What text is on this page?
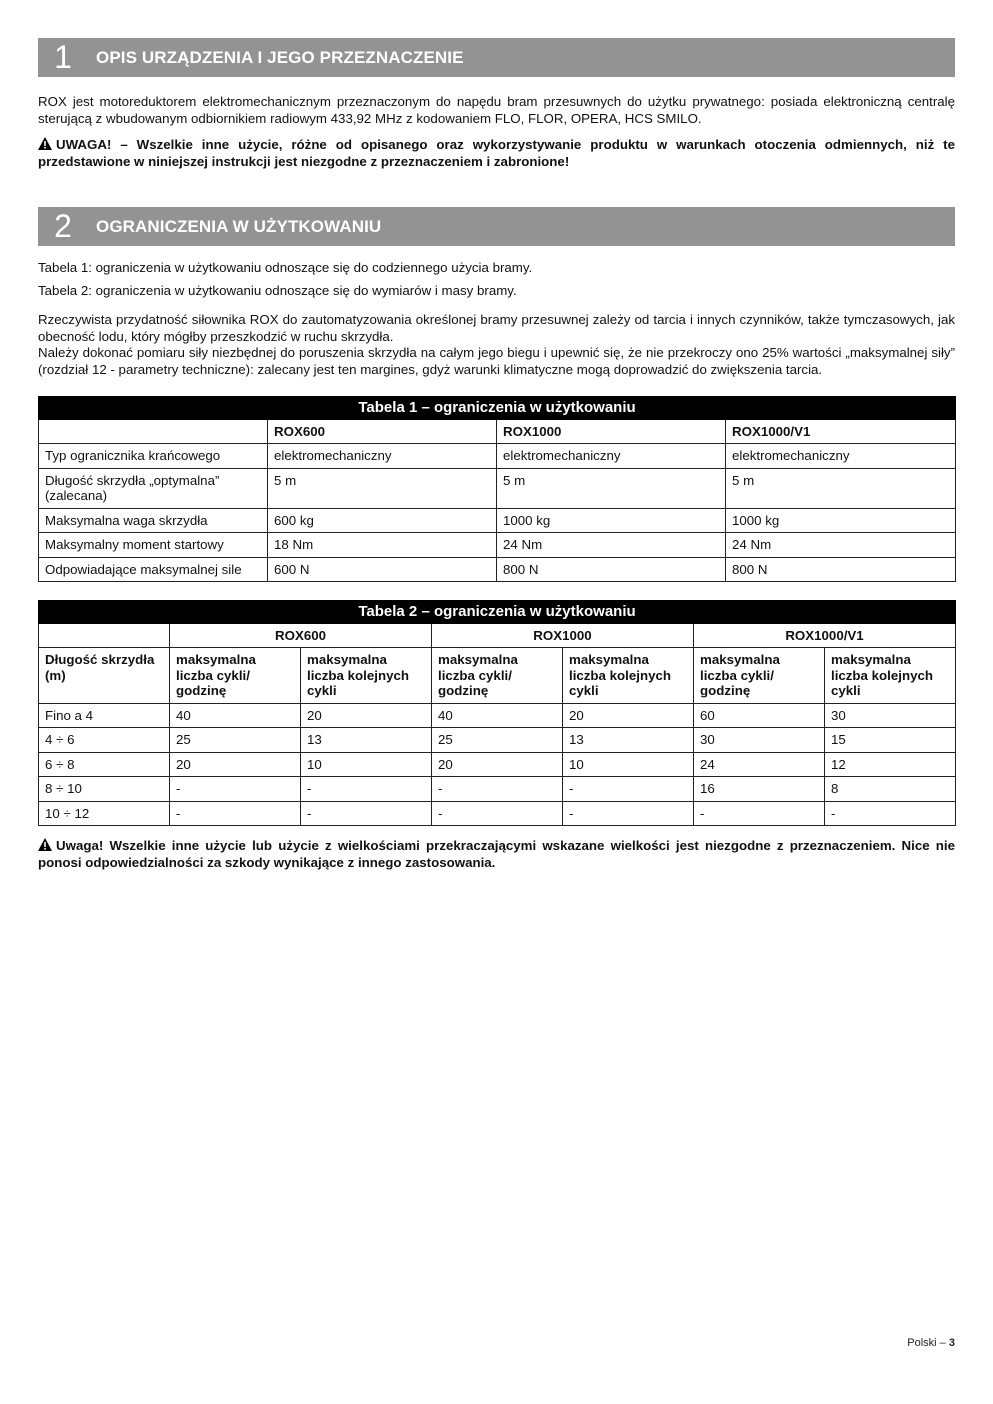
1	OPIS URZĄDZENIA I JEGO PRZEZNACZENIE

ROX jest motoreduktorem elektromechanicznym przeznaczonym do napędu bram przesuwnych do użytku prywatnego: posiada elektroniczną centralę sterującą z wbudowanym odbiornikiem radiowym 433,92 MHz z kodowaniem FLO, FLOR, OPERA, HCS SMILO.

UWAGA! – Wszelkie inne użycie, różne od opisanego oraz wykorzystywanie produktu w warunkach otoczenia odmiennych, niż te przedstawione w niniejszej instrukcji jest niezgodne z przeznaczeniem i zabronione!

2	OGRANICZENIA W UŻYTKOWANIU

Tabela 1: ograniczenia w użytkowaniu odnoszące się do codziennego użycia bramy.

Tabela 2: ograniczenia w użytkowaniu odnoszące się do wymiarów i masy bramy.

Rzeczywista przydatność siłownika ROX do zautomatyzowania określonej bramy przesuwnej zależy od tarcia i innych czynników, także tymczasowych, jak obecność lodu, który mógłby przeszkodzić w ruchu skrzydła.

Należy dokonać pomiaru siły niezbędnej do poruszenia skrzydła na całym jego biegu i upewnić się, że nie przekroczy ono 25% wartości „maksymalnej siły” (rozdział 12 - parametry techniczne): zalecany jest ten margines, gdyż warunki klimatyczne mogą doprowadzić do zwiększenia tarcia.

Tabela 1 – ograniczenia w użytkowaniu			
	ROX600	ROX1000	ROX1000/V1
Typ ogranicznika krańcowego	elektromechaniczny	elektromechaniczny	elektromechaniczny
Długość skrzydła „optymalna” (zalecana)	5 m	5 m	5 m
Maksymalna waga skrzydła	600 kg	1000 kg	1000 kg
Maksymalny moment startowy	18 Nm	24 Nm	24 Nm
Odpowiadające maksymalnej sile	600 N	800 N	800 N
Tabela 2 – ograniczenia w użytkowaniu						
	ROX600		ROX1000		ROX1000/V1	
Długość skrzydła (m)	maksymalna liczba cykli/ godzinę	maksymalna liczba kolejnych cykli	maksymalna liczba cykli/ godzinę	maksymalna liczba kolejnych cykli	maksymalna liczba cykli/ godzinę	maksymalna liczba kolejnych cykli
Fino a 4	40	20	40	20	60	30
4 ÷ 6	25	13	25	13	30	15
6 ÷ 8	20	10	20	10	24	12
8 ÷ 10	-	-	-	-	16	8
10 ÷ 12	-	-	-	-	-	-

Uwaga! Wszelkie inne użycie lub użycie z wielkościami przekraczającymi wskazane wielkości jest niezgodne z przeznaczeniem. Nice nie ponosi odpowiedzialności za szkody wynikające z innego zastosowania.

Polski – 3
